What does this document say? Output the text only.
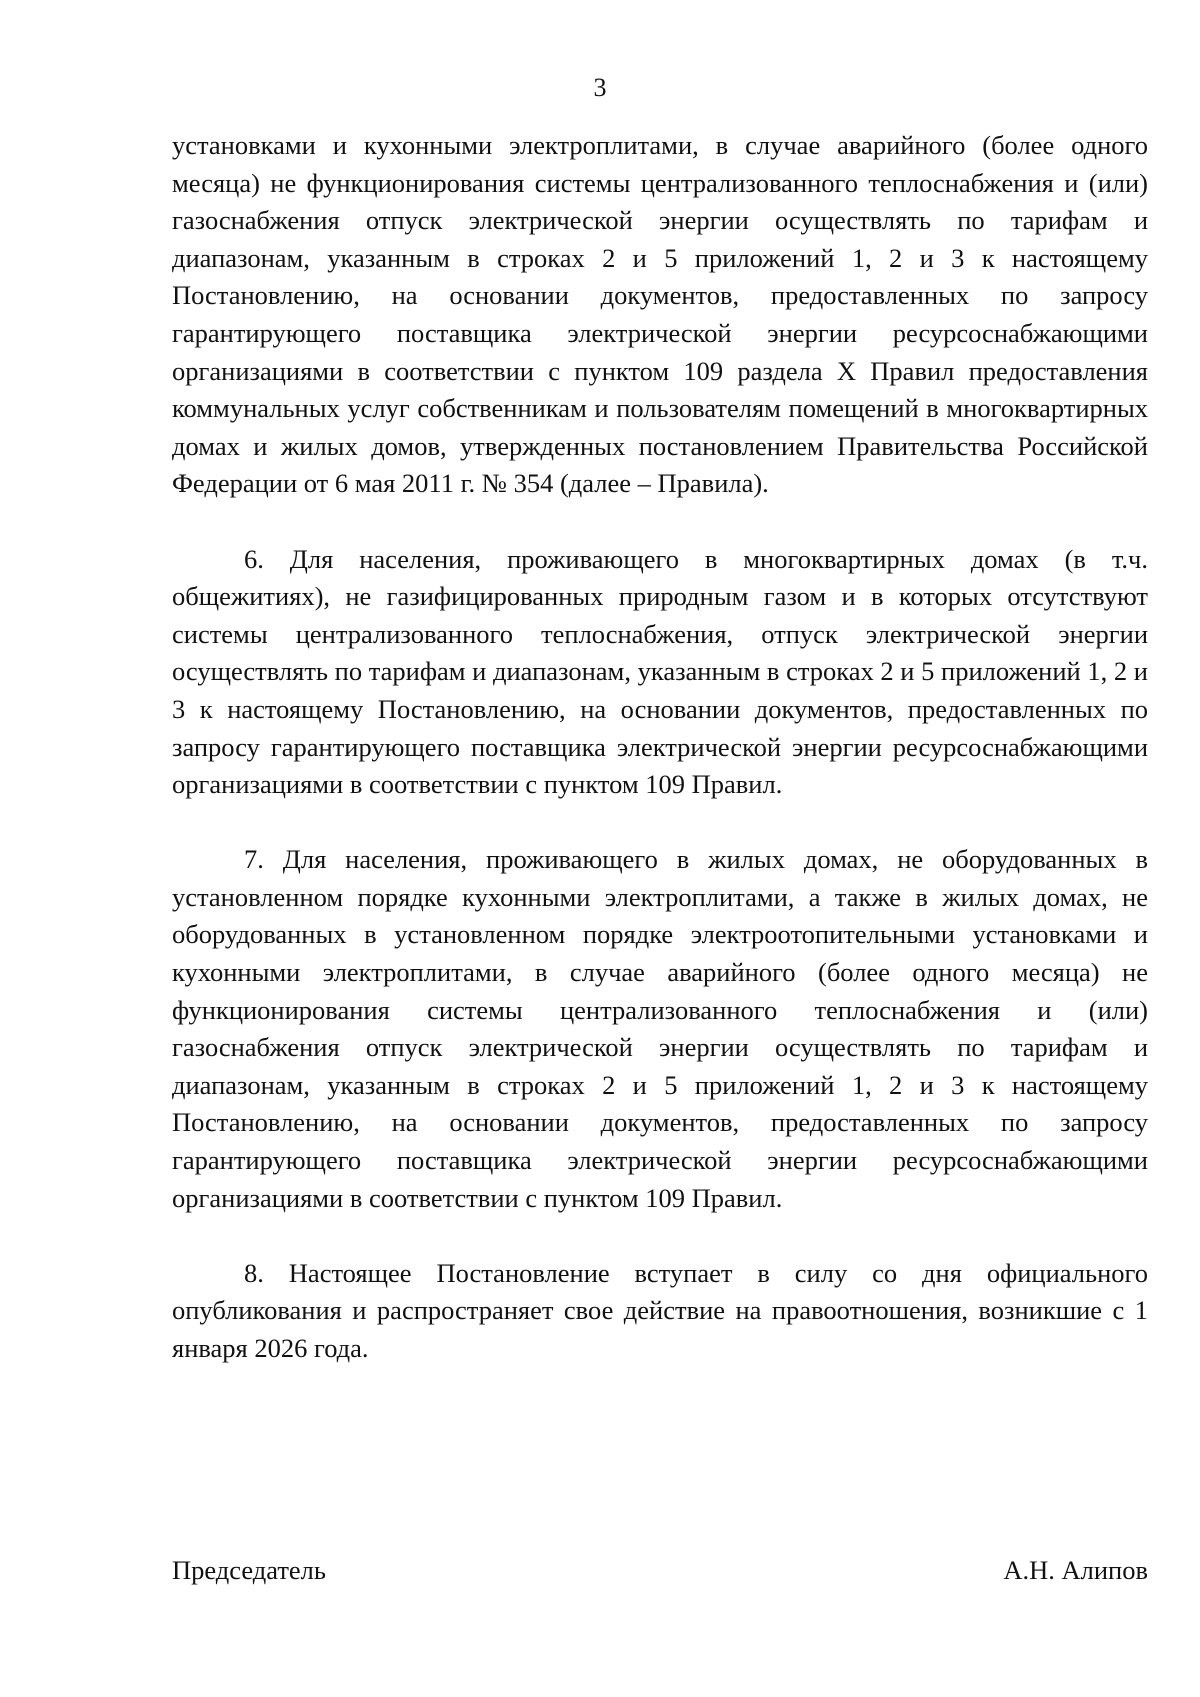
3

установками и кухонными электроплитами, в случае аварийного (более одного месяца) не функционирования системы централизованного теплоснабжения и (или) газоснабжения отпуск электрической энергии осуществлять по тарифам и диапазонам, указанным в строках 2 и 5 приложений 1, 2 и 3 к настоящему Постановлению, на основании документов, предоставленных по запросу гарантирующего поставщика электрической энергии ресурсоснабжающими организациями в соответствии с пунктом 109 раздела X Правил предоставления коммунальных услуг собственникам и пользователям помещений в многоквартирных домах и жилых домов, утвержденных постановлением Правительства Российской Федерации от 6 мая 2011 г. № 354 (далее – Правила).

6. Для населения, проживающего в многоквартирных домах (в т.ч. общежитиях), не газифицированных природным газом и в которых отсутствуют системы централизованного теплоснабжения, отпуск электрической энергии осуществлять по тарифам и диапазонам, указанным в строках 2 и 5 приложений 1, 2 и 3 к настоящему Постановлению, на основании документов, предоставленных по запросу гарантирующего поставщика электрической энергии ресурсоснабжающими организациями в соответствии с пунктом 109 Правил.

7. Для населения, проживающего в жилых домах, не оборудованных в установленном порядке кухонными электроплитами, а также в жилых домах, не оборудованных в установленном порядке электроотопительными установками и кухонными электроплитами, в случае аварийного (более одного месяца) не функционирования системы централизованного теплоснабжения и (или) газоснабжения отпуск электрической энергии осуществлять по тарифам и диапазонам, указанным в строках 2 и 5 приложений 1, 2 и 3 к настоящему Постановлению, на основании документов, предоставленных по запросу гарантирующего поставщика электрической энергии ресурсоснабжающими организациями в соответствии с пунктом 109 Правил.

8. Настоящее Постановление вступает в силу со дня официального опубликования и распространяет свое действие на правоотношения, возникшие с 1 января 2026 года.

Председатель	А.Н. Алипов
